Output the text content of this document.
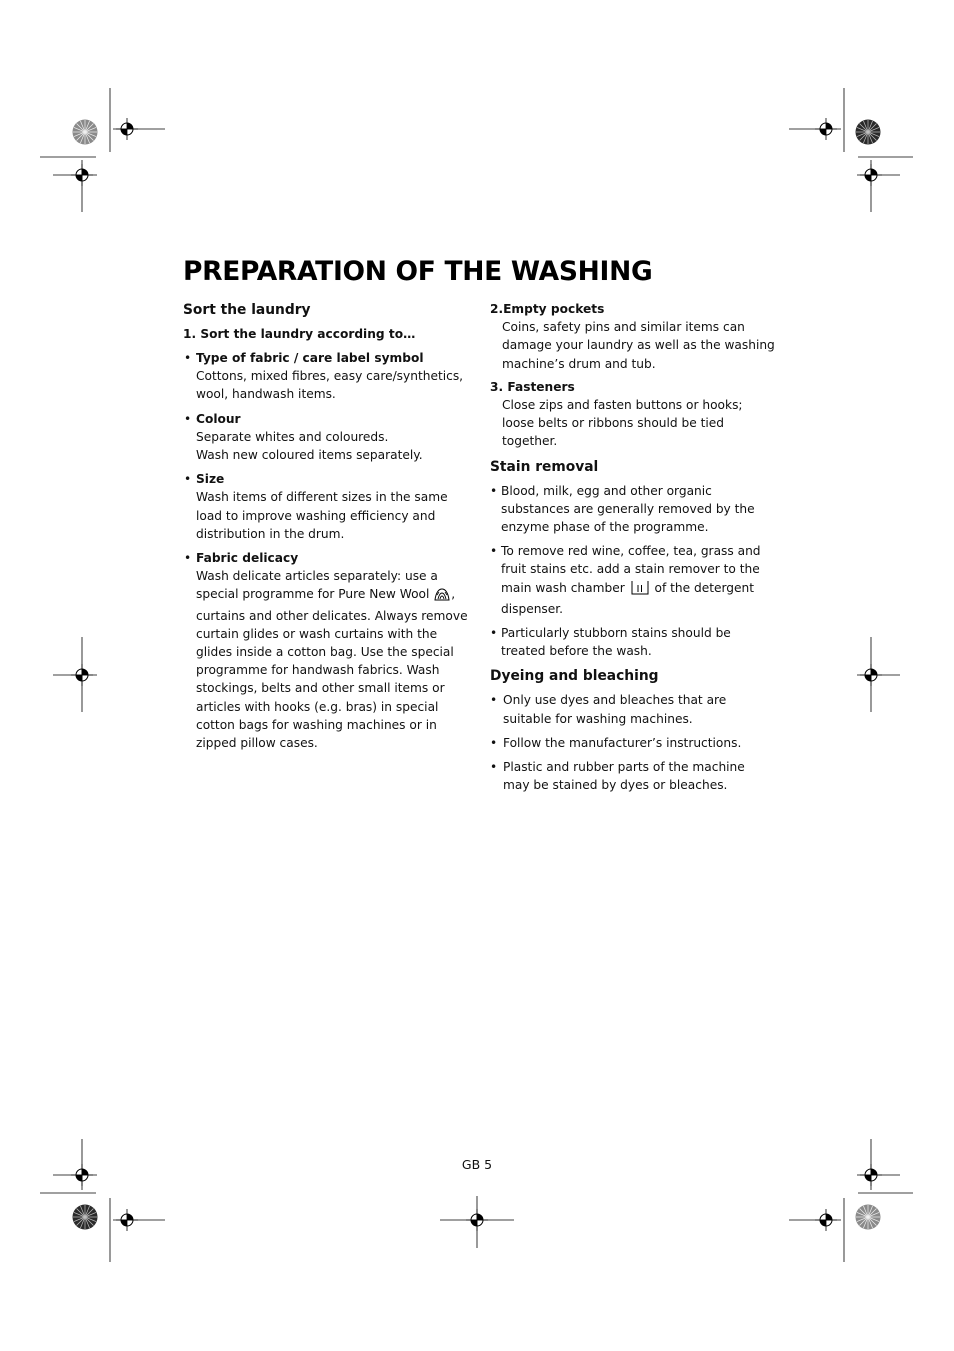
PREPARATION OF THE WASHING
Sort the laundry
1. Sort the laundry according to…
• Type of fabric / care label symbol
Cottons, mixed fibres, easy care/synthetics, wool, handwash items.
• Colour
Separate whites and coloureds.
Wash new coloured items separately.
• Size
Wash items of different sizes in the same load to improve washing efficiency and distribution in the drum.
• Fabric delicacy
Wash delicate articles separately: use a special programme for Pure New Wool , curtains and other delicates. Always remove curtain glides or wash curtains with the glides inside a cotton bag. Use the special programme for handwash fabrics. Wash stockings, belts and other small items or articles with hooks (e.g. bras) in special cotton bags for washing machines or in zipped pillow cases.
2.Empty pockets
Coins, safety pins and similar items can damage your laundry as well as the washing machine’s drum and tub.
3. Fasteners
Close zips and fasten buttons or hooks; loose belts or ribbons should be tied together.
Stain removal
• Blood, milk, egg and other organic substances are generally removed by the enzyme phase of the programme.
• To remove red wine, coffee, tea, grass and fruit stains etc. add a stain remover to the main wash chamber  of the detergent dispenser.
• Particularly stubborn stains should be treated before the wash.
Dyeing and bleaching
• Only use dyes and bleaches that are suitable for washing machines.
• Follow the manufacturer’s instructions.
• Plastic and rubber parts of the machine may be stained by dyes or bleaches.
GB 5
